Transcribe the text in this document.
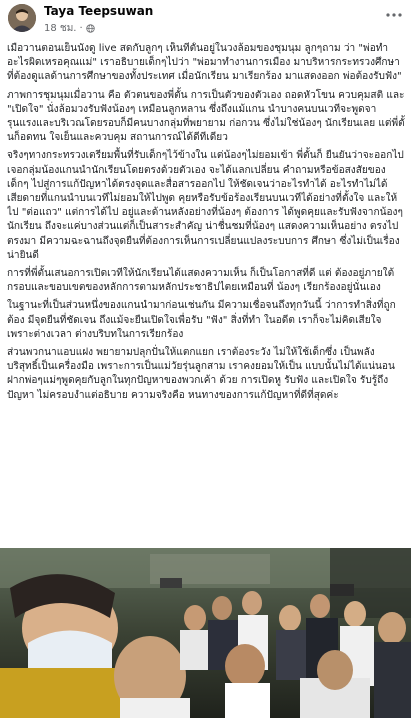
Taya Teepsuwan
18 ชม. ·

เมื่อวานตอนเย็นนั่งดู live สดกับลูกๆ เห็นที่ตั้นอยู่ในวงล้อมของชุมนุม ลูกๆถาม ว่า "พ่อทำอะไรผิดเหรอคุณแม่" เราอธิบายเด็กๆไปว่า "พ่อมาทำงานการเมือง มาบริหารกระทรวงศึกษา ที่ต้องดูแลด้านการศึกษาของทั้งประเทศ เมื่อนักเรียน มาเรียกร้อง มาแสดงออก พ่อต้องรับฟัง"

ภาพการชุมนุมเมื่อวาน คือ ตัวตนของพี่ตั้น การเป็นตัวของตัวเอง ถอดหัวโขน ควบคุมสติ และ "เปิดใจ" นั่งล้อมวงรับฟังน้องๆ เหมือนลูกหลาน ซึ่งถึงแม้แกน นำบางคนบนเวทีจะพูดจารุนแรงและบริเวณโดยรอบก็มีคนบางกลุ่มที่พยายาม ก่อกวน ซึ่งไม่ใช่น้องๆ นักเรียนเลย แต่พี่ตั้นก็อดทน ใจเย็นและควบคุม สถานการณ์ได้ดีทีเดียว

จริงๆทางกระทรวงเตรียมพื้นที่รับเด็กๆไว้ข้างใน แต่น้องๆไม่ยอมเข้า พี่ตั้นก็ ยืนยันว่าจะออกไปเจอกลุ่มน้องแกนนำนักเรียนโดยตรงด้วยตัวเอง จะได้แลกเปลี่ยน คำถามหรือข้อสงสัยของเด็กๆ ไปสู่การแก้ปัญหาได้ตรงจุดและสื่อสารออกไป ให้ชัดเจนว่าอะไรทำได้ อะไรทำไม่ได้ เสียดายที่แกนนำบนเวทีไม่ยอมให้ไปพูด คุยหรือรับข้อร้องเรียนบนเวทีได้อย่างที่ตั้งใจ และให้ไป "ต่อแถว" แต่การได้ไป อยู่และด้านหลังอย่างที่น้องๆ ต้องการ ได้พูดคุยและรับฟังจากน้องๆ นักเรียน ถึงจะแค่บางส่วนแต่ก็เป็นสาระสำคัญ น่าชื่นชมที่น้องๆ แสดงความเห็นอย่าง ตรงไปตรงมา มีความฉะฉานถึงจุดยืนที่ต้องการเห็นการเปลี่ยนแปลงระบบการ ศึกษา ซึ่งไม่เป็นเรื่องน่ายินดี

การที่พี่ตั้นเสนอการเปิดเวทีให้นักเรียนได้แสดงความเห็น ก็เป็นโอกาสที่ดี แต่ ต้องอยู่ภายใต้กรอบและขอบเขตของหลักการตามหลักประชาธิปไตยเหมือนที่ น้องๆ เรียกร้องอยู่นั่นเอง

ในฐานะที่เป็นส่วนหนึ่งของแกนนำมาก่อนเช่นกัน มีความเชื่อจนถึงทุกวันนี้ ว่าการทำสิ่งที่ถูกต้อง มีจุดยืนที่ชัดเจน ถึงแม้จะยืนเปิดใจเพื่อรับ "ฟัง" สิ่งที่ทำ ในอดีต เราก็จะไม่คิดเสียใจ เพราะต่างเวลา ต่างบริบทในการเรียกร้อง

ส่วนพวกนาแอบแฝง พยายามปลุกปั่นให้แตกแยก เราต้องระวัง ไม่ให้ใช้เด็กซึ่ง เป็นพลังบริสุทธิ์เป็นเครื่องมือ เพราะการเป็นแม่วัยรุ่นลูกสาม เราคงยอมให้เป็น แบบนั้นไม่ได้แน่นอน ฝากพ่อๆแม่ๆพูดคุยกับลูกในทุกปัญหาของพวกเค้า ด้วย การเปิดหู รับฟัง และเปิดใจ รับรู้ถึงปัญหา ไม่ครอบงำแต่อธิบาย ความจริงคือ หนทางของการแก้ปัญหาที่ดีที่สุดค่ะ
